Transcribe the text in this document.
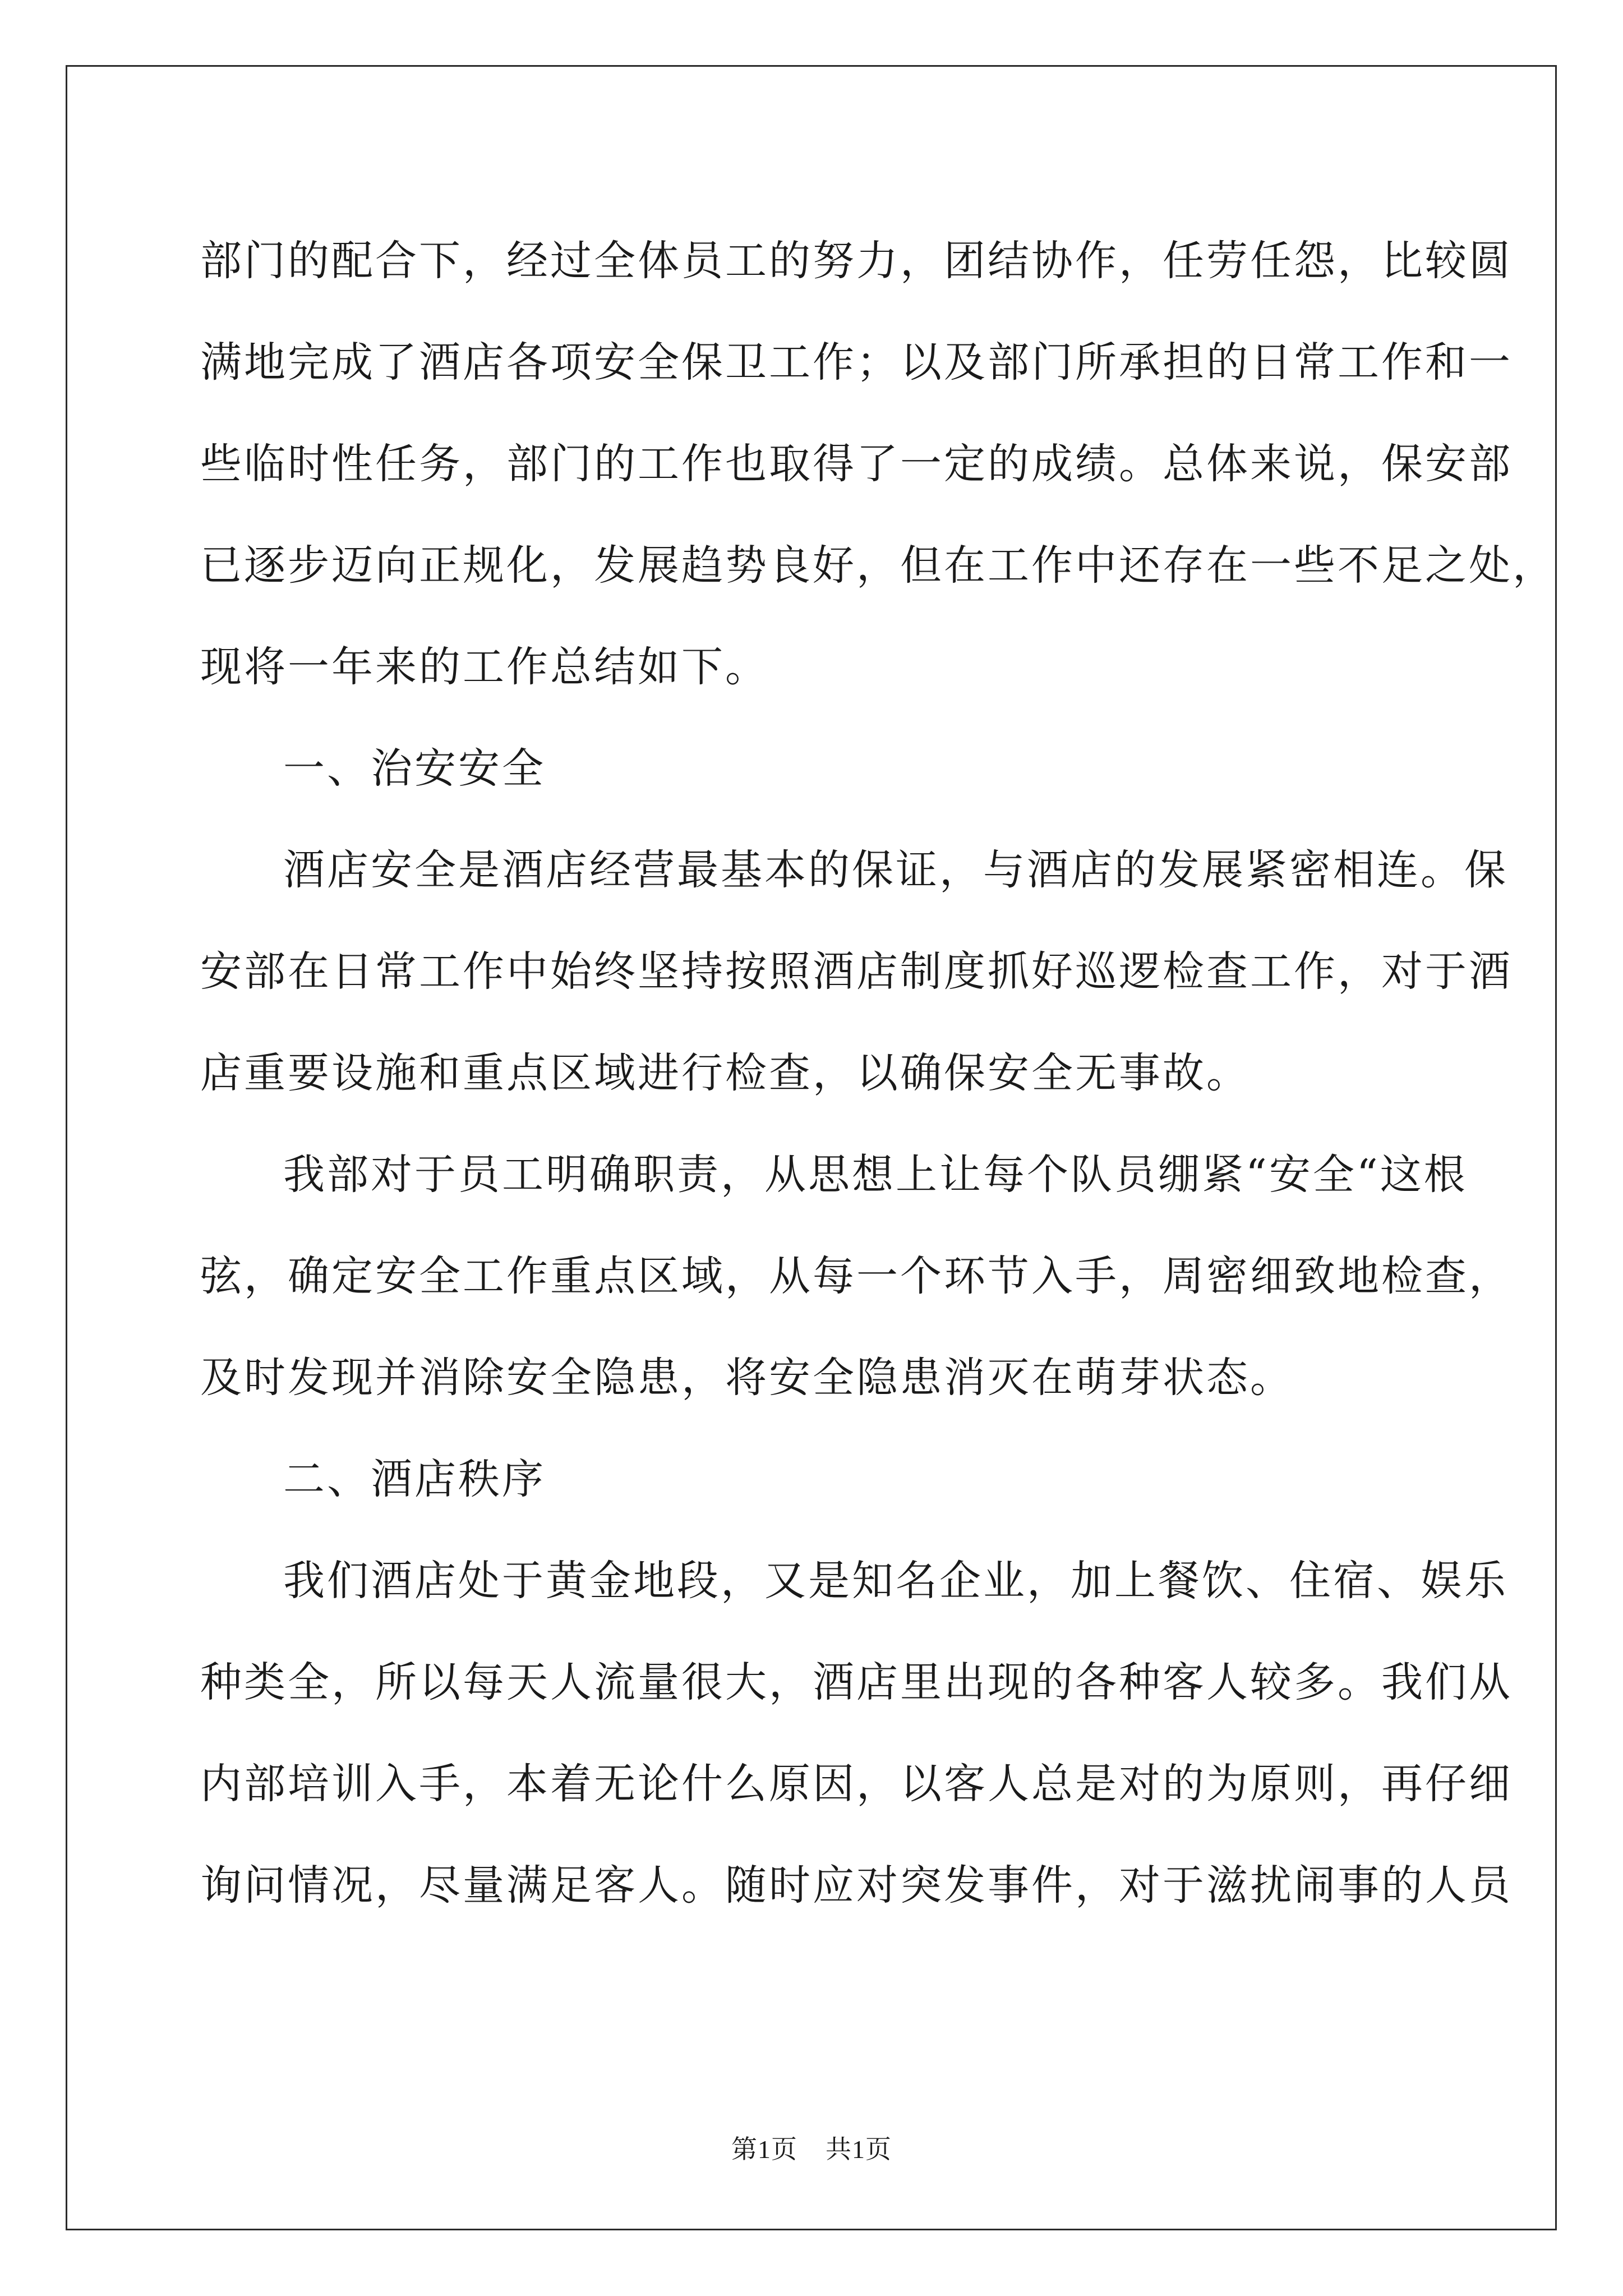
部门的配合下，经过全体员工的努力，团结协作，任劳任怨，比较圆
满地完成了酒店各项安全保卫工作；以及部门所承担的日常工作和一
些临时性任务，部门的工作也取得了一定的成绩。总体来说，保安部
已逐步迈向正规化，发展趋势良好，但在工作中还存在一些不足之处，
现将一年来的工作总结如下。
一、治安安全
酒店安全是酒店经营最基本的保证，与酒店的发展紧密相连。保
安部在日常工作中始终坚持按照酒店制度抓好巡逻检查工作，对于酒
店重要设施和重点区域进行检查，以确保安全无事故。
我部对于员工明确职责，从思想上让每个队员绷紧“安全“这根
弦，确定安全工作重点区域，从每一个环节入手，周密细致地检查，
及时发现并消除安全隐患，将安全隐患消灭在萌芽状态。
二、酒店秩序
我们酒店处于黄金地段，又是知名企业，加上餐饮、住宿、娱乐
种类全，所以每天人流量很大，酒店里出现的各种客人较多。我们从
内部培训入手，本着无论什么原因，以客人总是对的为原则，再仔细
询问情况，尽量满足客人。随时应对突发事件，对于滋扰闹事的人员
第1页 共1页
